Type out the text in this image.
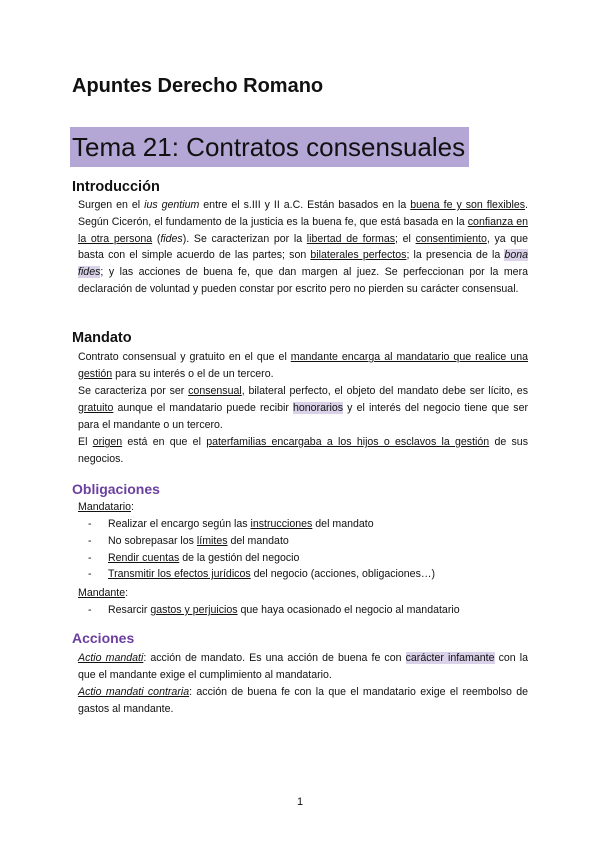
Apuntes Derecho Romano
Tema 21: Contratos consensuales
Introducción

Surgen en el ius gentium entre el s.III y II a.C. Están basados en la buena fe y son flexibles. Según Cicerón, el fundamento de la justicia es la buena fe, que está basada en la confianza en la otra persona (fides). Se caracterizan por la libertad de formas; el consentimiento, ya que basta con el simple acuerdo de las partes; son bilaterales perfectos; la presencia de la bona fides; y las acciones de buena fe, que dan margen al juez. Se perfeccionan por la mera declaración de voluntad y pueden constar por escrito pero no pierden su carácter consensual.

Mandato

Contrato consensual y gratuito en el que el mandante encarga al mandatario que realice una gestión para su interés o el de un tercero.

Se caracteriza por ser consensual, bilateral perfecto, el objeto del mandato debe ser lícito, es gratuito aunque el mandatario puede recibir honorarios y el interés del negocio tiene que ser para el mandante o un tercero.

El origen está en que el paterfamilias encargaba a los hijos o esclavos la gestión de sus negocios.

Obligaciones

Mandatario:

- Realizar el encargo según las instrucciones del mandato
- No sobrepasar los límites del mandato
- Rendir cuentas de la gestión del negocio
- Transmitir los efectos jurídicos del negocio (acciones, obligaciones…)

Mandante:

- Resarcir gastos y perjuicios que haya ocasionado el negocio al mandatario
Acciones

Actio mandati: acción de mandato. Es una acción de buena fe con carácter infamante con la que el mandante exige el cumplimiento al mandatario.

Actio mandati contraria: acción de buena fe con la que el mandatario exige el reembolso de gastos al mandante.

1
